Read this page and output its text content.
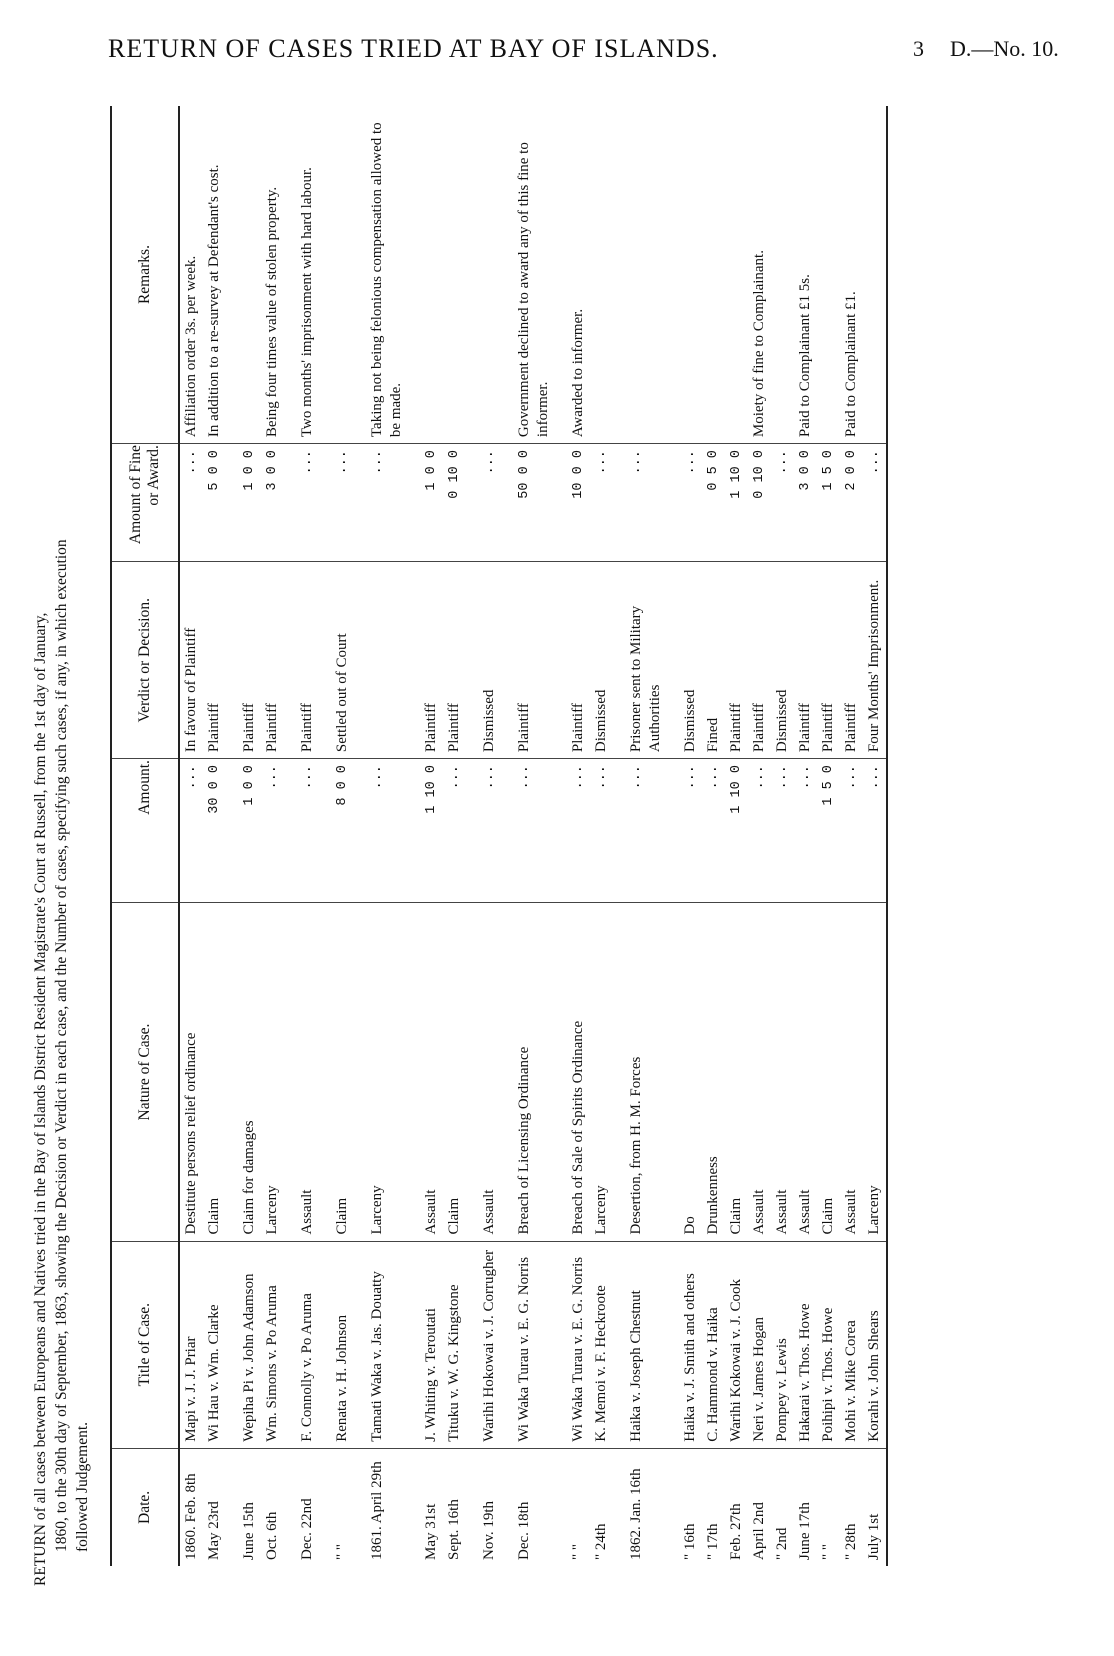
RETURN OF CASES TRIED AT BAY OF ISLANDS.	3 D.—No. 10.
RETURN of all cases between Europeans and Natives tried in the Bay of Islands District Resident Magistrate's Court at Russell, from the 1st day of January, 1860, to the 30th day of September, 1863, showing the Decision or Verdict in each case, and the Number of cases, specifying such cases, if any, in which execution followed Judgement.	Date.	Title of Case.	Nature of Case.	Amount.	Verdict or Decision.	Amount of Fine or Award.	Remarks.
1860. Feb. 8th	Mapi v. J. J. Priar	Destitute persons relief ordinance	...	In favour of Plaintiff	...	Affiliation order 3s. per week.
May 23rd	Wi Hau v. Wm. Clarke	Claim	30 0 0	Plaintiff	5 0 0	In addition to a re-survey at Defendant's cost.
June 15th	Wepiha Pi v. John Adamson	Claim for damages	1 0 0	Plaintiff	1 0 0	
Oct. 6th	Wm. Simons v. Po Aruma	Larceny	...	Plaintiff	3 0 0	Being four times value of stolen property.
Dec. 22nd	F. Connolly v. Po Aruma	Assault	...	Plaintiff	...	Two months' imprisonment with hard labour.
" "	Renata v. H. Johnson	Claim	8 0 0	Settled out of Court	...	
1861. April 29th	Tamati Waka v. Jas. Douatty	Larceny	...		...	Taking not being felonious compensation allowed to be made.
May 31st	J. Whiting v. Teroutati	Assault	1 10 0	Plaintiff	1 0 0	
Sept. 16th	Tituku v. W. G. Kingstone	Claim	...	Plaintiff	0 10 0	
Nov. 19th	Warihi Hokowai v. J. Corrugher	Assault	...	Dismissed	...	
Dec. 18th	Wi Waka Turau v. E. G. Norris	Breach of Licensing Ordinance	...	Plaintiff	50 0 0	Government declined to award any of this fine to informer.
" "	Wi Waka Turau v. E. G. Norris	Breach of Sale of Spirits Ordinance	...	Plaintiff	10 0 0	Awarded to informer.
" 24th	K. Memoi v. F. Heckroote	Larceny	...	Dismissed	...	
1862. Jan. 16th	Haika v. Joseph Chestnut	Desertion, from H. M. Forces	...	Prisoner sent to Military Authorities	...	
" 16th	Haika v. J. Smith and others	Do	...	Dismissed	...	
" 17th	C. Hammond v. Haika	Drunkenness	...	Fined	0 5 0	
Feb. 27th	Warihi Kokowai v. J. Cook	Claim	1 10 0	Plaintiff	1 10 0	
April 2nd	Neri v. James Hogan	Assault	...	Plaintiff	0 10 0	Moiety of fine to Complainant.
" 2nd	Pompey v. Lewis	Assault	...	Dismissed	...	
June 17th	Hakarai v. Thos. Howe	Assault	...	Plaintiff	3 0 0	Paid to Complainant £1 5s.
" "	Poihipi v. Thos. Howe	Claim	1 5 0	Plaintiff	1 5 0	
" 28th	Mohi v. Mike Corea	Assault	...	Plaintiff	2 0 0	Paid to Complainant £1.
July 1st	Korahi v. John Shears	Larceny	...	Four Months' Imprisonment.	...	
